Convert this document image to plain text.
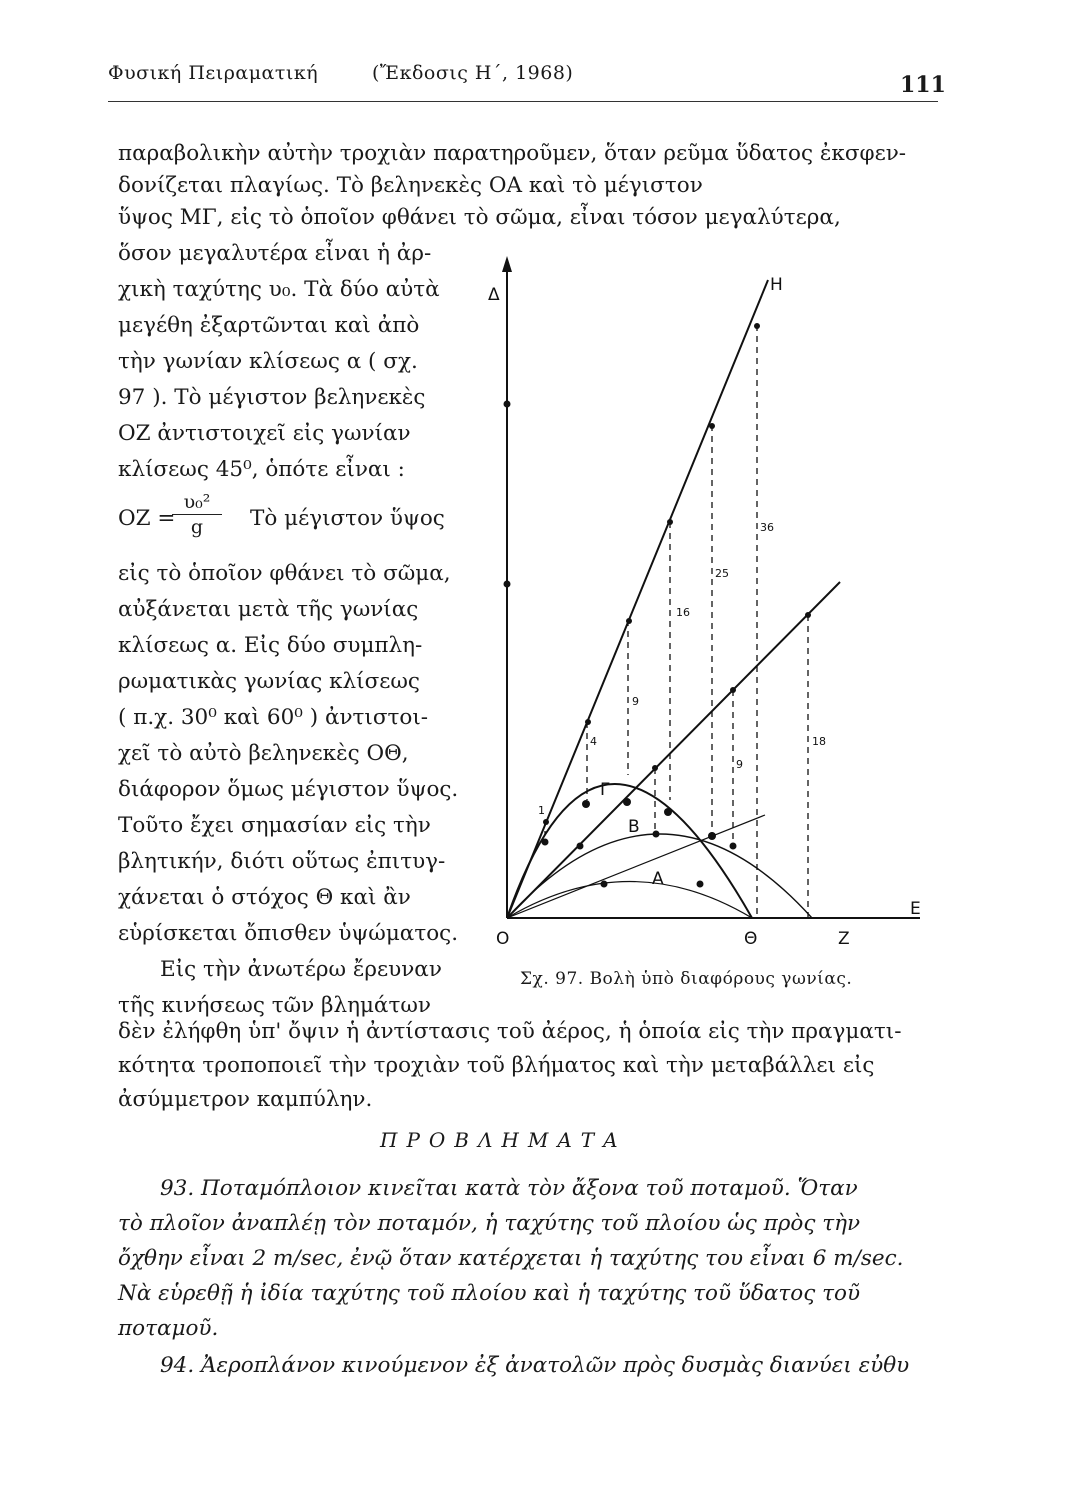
Φυσική Πειραματική	(Ἔκδοσις Η΄, 1968)	111
παραβολικὴν αὐτὴν τροχιὰν παρατηροῦμεν, ὅταν ρεῦμα ὕδατος ἐκσφεν-
δονίζεται πλαγίως. Τὸ βεληνεκὲς ΟΑ καὶ τὸ μέγιστον
ὕψος ΜΓ, εἰς τὸ ὁποῖον φθάνει τὸ σῶμα, εἶναι τόσον μεγαλύτερα,
ὅσον μεγαλυτέρα εἶναι ἡ ἀρ-
χικὴ ταχύτης υ₀. Τὰ δύο αὐτὰ
μεγέθη ἐξαρτῶνται καὶ ἀπὸ
τὴν γωνίαν κλίσεως α ( σχ.
97 ). Τὸ μέγιστον βεληνεκὲς
ΟΖ ἀντιστοιχεῖ εἰς γωνίαν
κλίσεως 45⁰, ὁπότε εἶναι :
ΟΖ =
$\frac{\text{υ₀²}}{g}$ Τὸ μέγιστον ὕψος
εἰς τὸ ὁποῖον φθάνει τὸ σῶμα,
αὐξάνεται μετὰ τῆς γωνίας
κλίσεως α. Εἰς δύο συμπλη-
ρωματικὰς γωνίας κλίσεως
( π.χ. 30⁰ καὶ 60⁰ ) ἀντιστοι-
χεῖ τὸ αὐτὸ βεληνεκὲς ΟΘ,
διάφορον ὅμως μέγιστον ὕψος.
Τοῦτο ἔχει σημασίαν εἰς τὴν
βλητικήν, διότι οὕτως ἐπιτυγ-
χάνεται ὁ στόχος Θ καὶ ἂν
εὑρίσκεται ὄπισθεν ὑψώματος.
Εἰς τὴν ἀνωτέρω ἔρευναν
τῆς κινήσεως τῶν βλημάτων
Δ
Ε
Ο	Θ	Ζ
Η
Γ
Β
Α
1
4
9
16
25
36
9
18
Σχ. 97. Βολὴ ὑπὸ διαφόρους γωνίας.
δὲν ἐλήφθη ὑπ' ὄψιν ἡ ἀντίστασις τοῦ ἀέρος, ἡ ὁποία εἰς τὴν πραγματι-
κότητα τροποποιεῖ τὴν τροχιὰν τοῦ βλήματος καὶ τὴν μεταβάλλει εἰς
ἀσύμμετρον καμπύλην.
ΠΡΟΒΛΗΜΑΤΑ
93. Ποταμόπλοιον κινεῖται κατὰ τὸν ἄξονα τοῦ ποταμοῦ. Ὅταν
τὸ πλοῖον ἀναπλέῃ τὸν ποταμόν, ἡ ταχύτης τοῦ πλοίου ὡς πρὸς τὴν
ὄχθην εἶναι 2 m/sec, ἐνῷ ὅταν κατέρχεται ἡ ταχύτης του εἶναι 6 m/sec.
Νὰ εὑρεθῇ ἡ ἰδία ταχύτης τοῦ πλοίου καὶ ἡ ταχύτης τοῦ ὕδατος τοῦ
ποταμοῦ.
94. Ἀεροπλάνον κινούμενον ἐξ ἀνατολῶν πρὸς δυσμὰς διανύει εὐθυ
